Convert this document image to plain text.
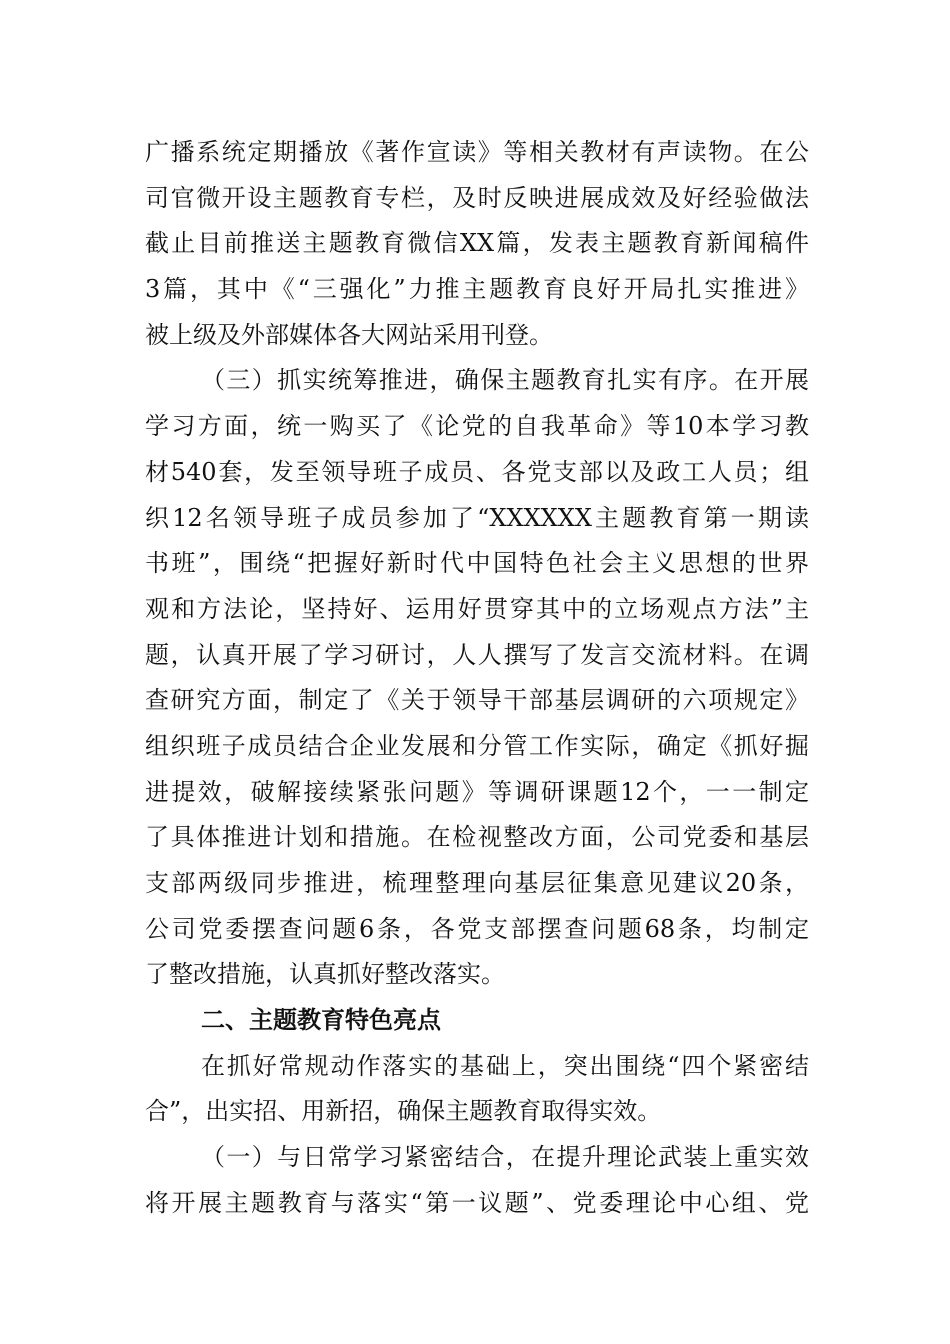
广播系统定期播放《著作宣读》等相关教材有声读物。在公
司官微开设主题教育专栏，及时反映进展成效及好经验做法
截止目前推送主题教育微信XX篇，发表主题教育新闻稿件
3篇，其中《“三强化”力推主题教育良好开局扎实推进》
被上级及外部媒体各大网站采用刊登。
（三）抓实统筹推进，确保主题教育扎实有序。在开展
学习方面，统一购买了《论党的自我革命》等10本学习教
材540套，发至领导班子成员、各党支部以及政工人员；组
织12名领导班子成员参加了“XXXXXX主题教育第一期读
书班”，围绕“把握好新时代中国特色社会主义思想的世界
观和方法论，坚持好、运用好贯穿其中的立场观点方法”主
题，认真开展了学习研讨，人人撰写了发言交流材料。在调
查研究方面，制定了《关于领导干部基层调研的六项规定》
组织班子成员结合企业发展和分管工作实际，确定《抓好掘
进提效，破解接续紧张问题》等调研课题12个，一一制定
了具体推进计划和措施。在检视整改方面，公司党委和基层
支部两级同步推进，梳理整理向基层征集意见建议20条，
公司党委摆查问题6条，各党支部摆查问题68条，均制定
了整改措施，认真抓好整改落实。
二、主题教育特色亮点
在抓好常规动作落实的基础上，突出围绕“四个紧密结
合”，出实招、用新招，确保主题教育取得实效。
（一）与日常学习紧密结合，在提升理论武装上重实效
将开展主题教育与落实“第一议题”、党委理论中心组、党
